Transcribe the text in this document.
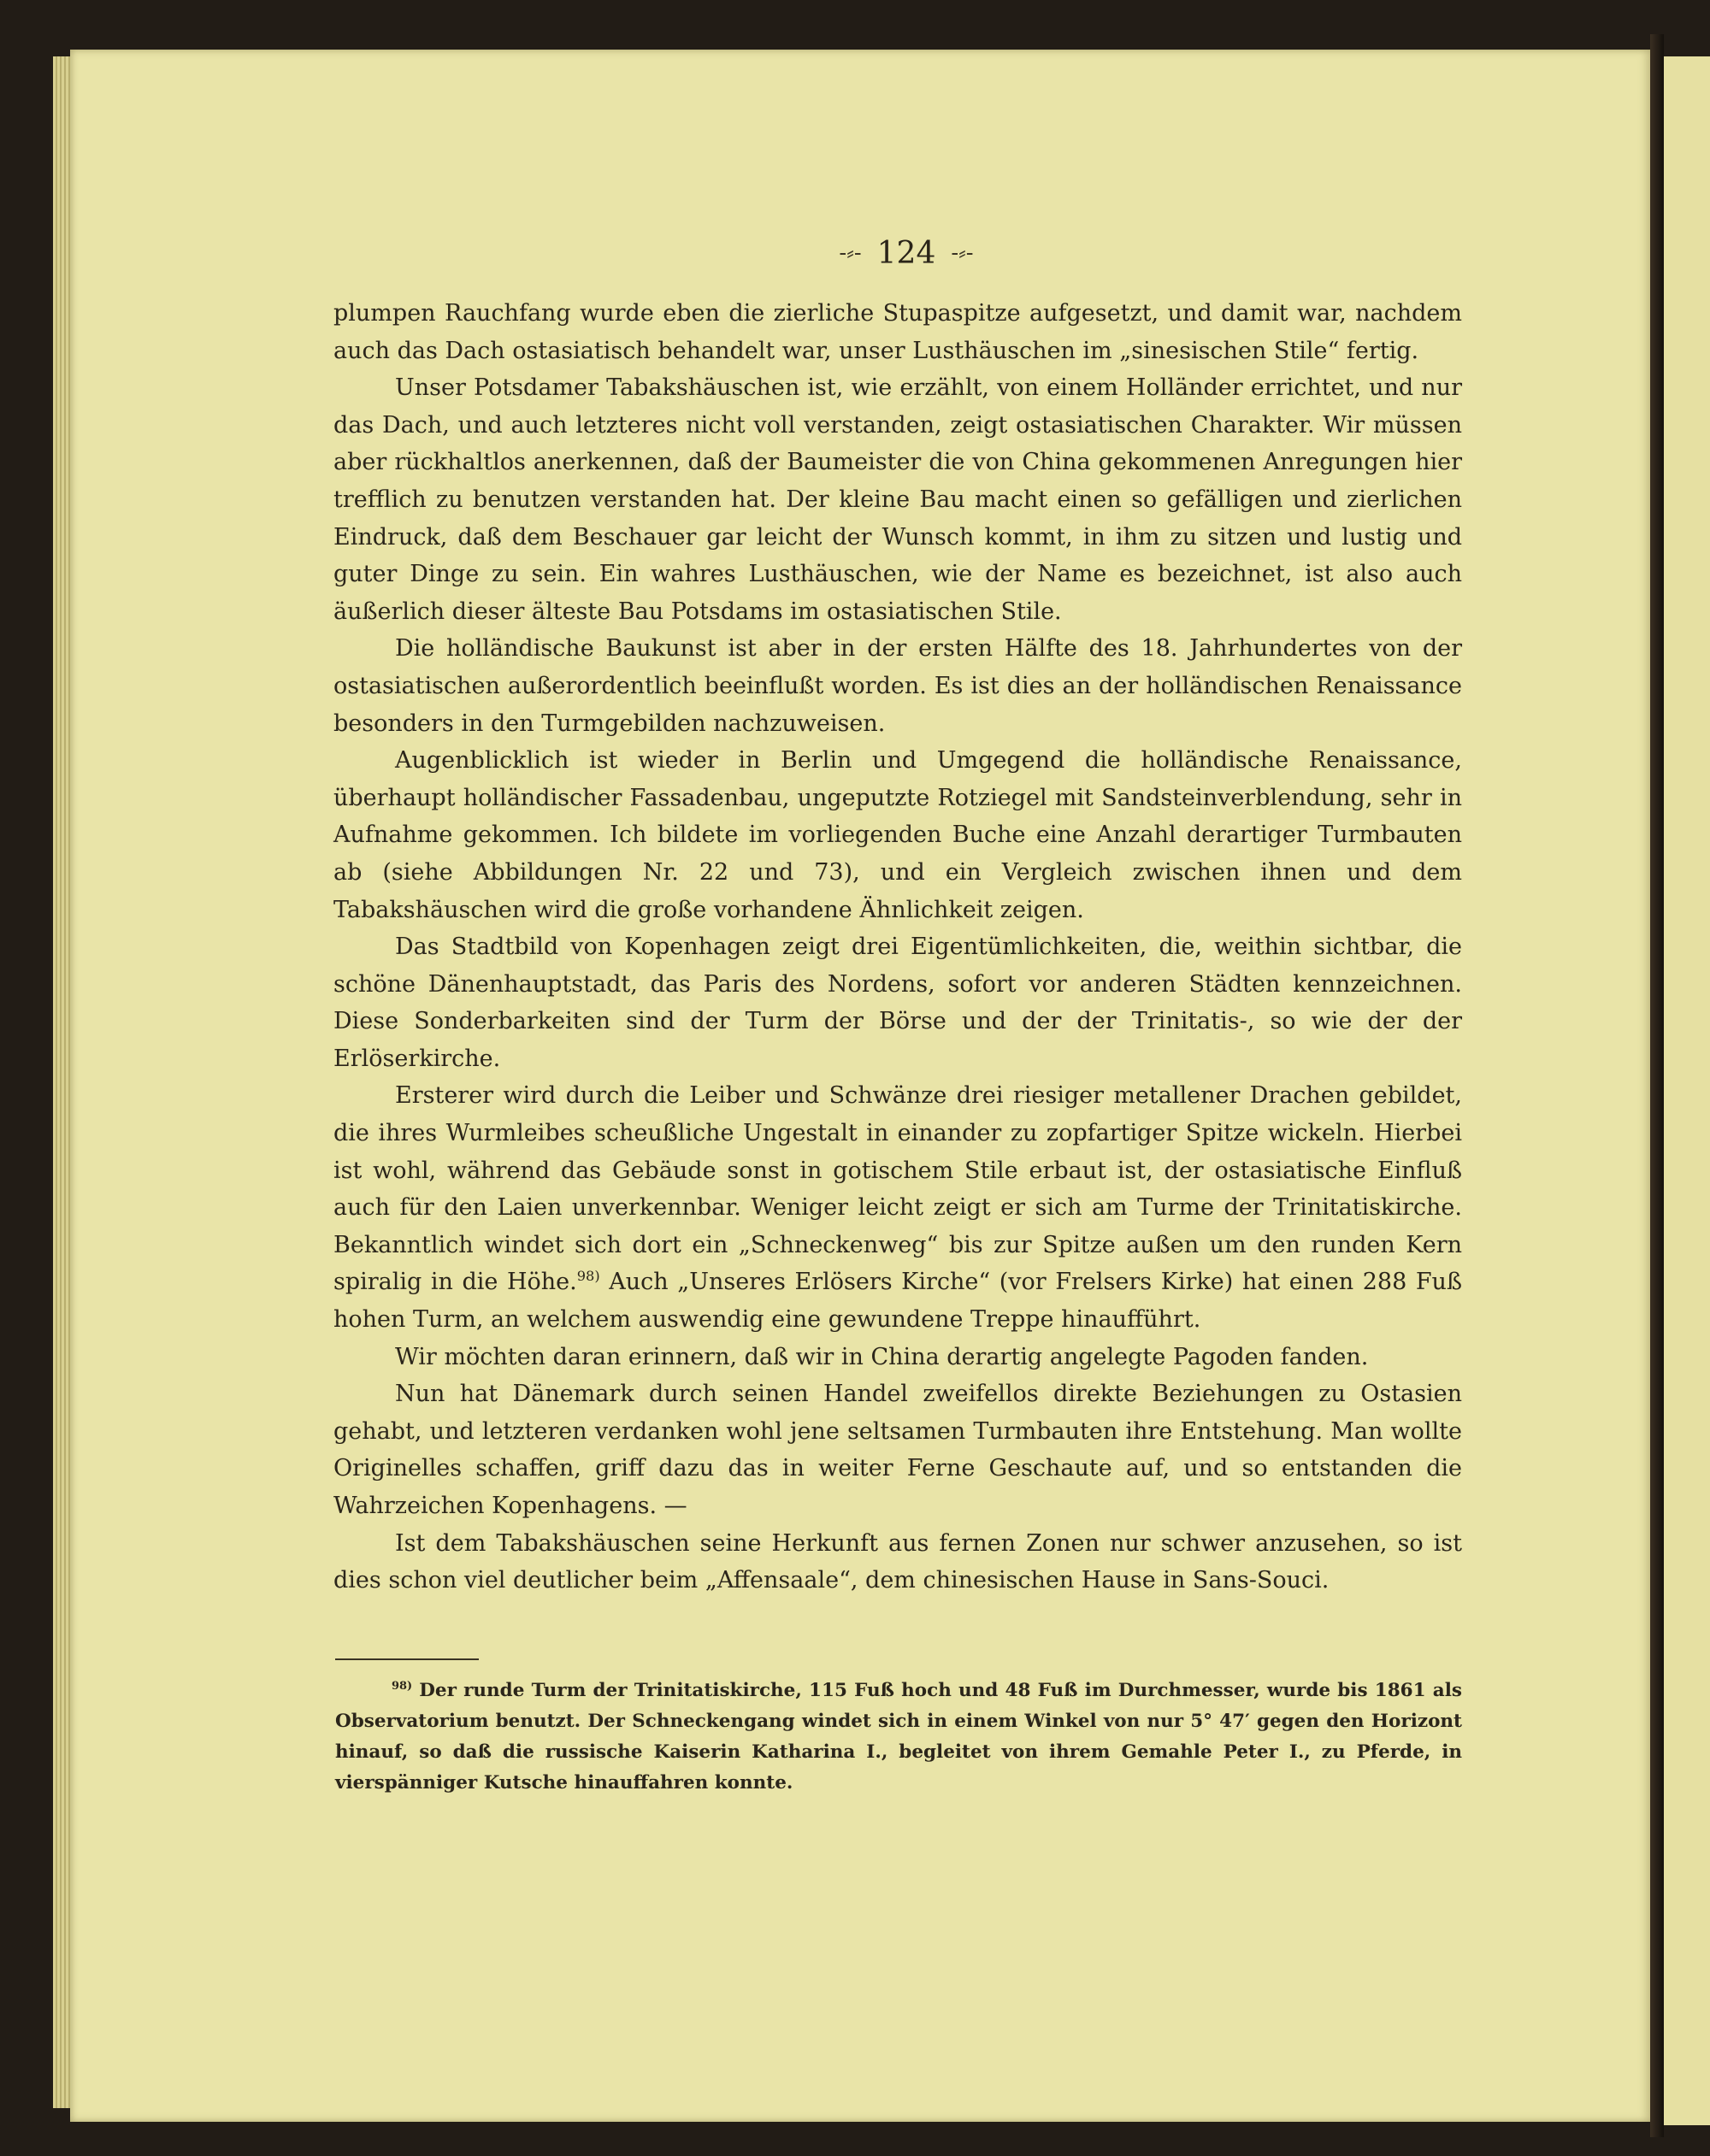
-⸗- 124 -⸗-

plumpen Rauchfang wurde eben die zierliche Stupaspitze aufgesetzt, und damit war, nachdem auch das Dach ostasiatisch behandelt war, unser Lusthäuschen im „sinesischen Stile“ fertig.

Unser Potsdamer Tabakshäuschen ist, wie erzählt, von einem Holländer errichtet, und nur das Dach, und auch letzteres nicht voll verstanden, zeigt ostasiatischen Charakter. Wir müssen aber rückhaltlos anerkennen, daß der Baumeister die von China gekommenen Anregungen hier trefflich zu benutzen verstanden hat. Der kleine Bau macht einen so gefälligen und zierlichen Eindruck, daß dem Beschauer gar leicht der Wunsch kommt, in ihm zu sitzen und lustig und guter Dinge zu sein. Ein wahres Lusthäuschen, wie der Name es bezeichnet, ist also auch äußerlich dieser älteste Bau Potsdams im ostasiatischen Stile.

Die holländische Baukunst ist aber in der ersten Hälfte des 18. Jahrhundertes von der ostasiatischen außerordentlich beeinflußt worden. Es ist dies an der holländischen Renaissance besonders in den Turmgebilden nachzuweisen.

Augenblicklich ist wieder in Berlin und Umgegend die holländische Renaissance, überhaupt holländischer Fassadenbau, ungeputzte Rotziegel mit Sandsteinverblendung, sehr in Aufnahme gekommen. Ich bildete im vorliegenden Buche eine Anzahl derartiger Turmbauten ab (siehe Abbildungen Nr. 22 und 73), und ein Vergleich zwischen ihnen und dem Tabakshäuschen wird die große vorhandene Ähnlichkeit zeigen.

Das Stadtbild von Kopenhagen zeigt drei Eigentümlichkeiten, die, weithin sichtbar, die schöne Dänenhauptstadt, das Paris des Nordens, sofort vor anderen Städten kennzeichnen. Diese Sonderbarkeiten sind der Turm der Börse und der der Trinitatis-, so wie der der Erlöserkirche.

Ersterer wird durch die Leiber und Schwänze drei riesiger metallener Drachen gebildet, die ihres Wurmleibes scheußliche Ungestalt in einander zu zopfartiger Spitze wickeln. Hierbei ist wohl, während das Gebäude sonst in gotischem Stile erbaut ist, der ostasiatische Einfluß auch für den Laien unverkennbar. Weniger leicht zeigt er sich am Turme der Trinitatiskirche. Bekanntlich windet sich dort ein „Schneckenweg“ bis zur Spitze außen um den runden Kern spiralig in die Höhe.$^{98)}$ Auch „Unseres Erlösers Kirche“ (vor Frelsers Kirke) hat einen 288 Fuß hohen Turm, an welchem auswendig eine gewundene Treppe hinaufführt.

Wir möchten daran erinnern, daß wir in China derartig angelegte Pagoden fanden.

Nun hat Dänemark durch seinen Handel zweifellos direkte Beziehungen zu Ostasien gehabt, und letzteren verdanken wohl jene seltsamen Turmbauten ihre Entstehung. Man wollte Originelles schaffen, griff dazu das in weiter Ferne Geschaute auf, und so entstanden die Wahrzeichen Kopenhagens. —

Ist dem Tabakshäuschen seine Herkunft aus fernen Zonen nur schwer anzusehen, so ist dies schon viel deutlicher beim „Affensaale“, dem chinesischen Hause in Sans-Souci.

$^{98)}$ Der runde Turm der Trinitatiskirche, 115 Fuß hoch und 48 Fuß im Durchmesser, wurde bis 1861 als Observatorium benutzt. Der Schneckengang windet sich in einem Winkel von nur 5° 47′ gegen den Horizont hinauf, so daß die russische Kaiserin Katharina I., begleitet von ihrem Gemahle Peter I., zu Pferde, in vierspänniger Kutsche hinauffahren konnte.
